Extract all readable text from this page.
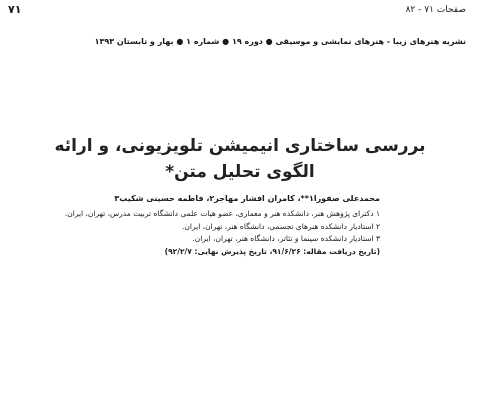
صفحات ۷۱ - ۸۲
۷۱
نشریه هنرهای زیبا - هنرهای نمایشی و موسیقی ● دوره ۱۹ ● شماره ۱ ● بهار و تابستان ۱۳۹۳
بررسی ساختاری انیمیشن تلویزیونی، و ارائه
الگوی تحلیل متن*
محمدعلی صفورا۱**، کامران افشار مهاجر۲، فاطمه حسینی شکیب۳
۱ دکترای پژوهش هنر، دانشکده هنر و معماری، عضو هیات علمی دانشگاه تربیت مدرس، تهران، ایران.
۲ استادیار دانشکده هنرهای تجسمی، دانشگاه هنر، تهران، ایران.
۳ استادیار دانشکده سینما و تئاتر، دانشگاه هنر، تهران، ایران.
(تاریخ دریافت مقاله: ۹۱/۶/۲۶، تاریخ پذیرش نهایی: ۹۲/۲/۷)
